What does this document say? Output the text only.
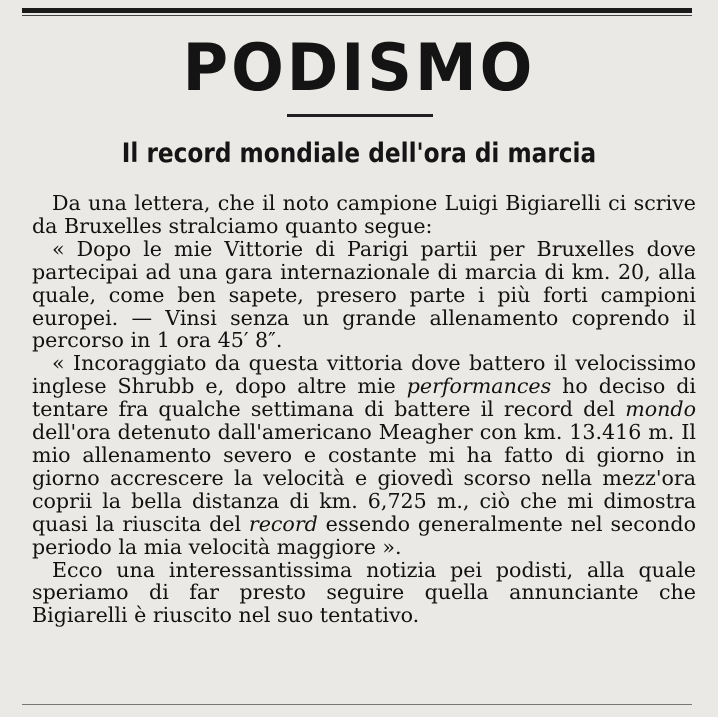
PODISMO
Il record mondiale dell'ora di marcia

Da una lettera, che il noto campione Luigi Bigiarelli ci scrive da Bruxelles stralciamo quanto segue:

« Dopo le mie Vittorie di Parigi partii per Bruxelles dove partecipai ad una gara internazionale di marcia di km. 20, alla quale, come ben sapete, presero parte i più forti campioni europei. — Vinsi senza un grande allenamento coprendo il percorso in 1 ora 45′ 8″.

« Incoraggiato da questa vittoria dove battero il velocissimo inglese Shrubb e, dopo altre mie performances ho deciso di tentare fra qualche settimana di battere il record del mondo dell'ora detenuto dall'americano Meagher con km. 13.416 m. Il mio allenamento severo e costante mi ha fatto di giorno in giorno accrescere la velocità e giovedì scorso nella mezz'ora coprii la bella distanza di km. 6,725 m., ciò che mi dimostra quasi la riuscita del record essendo generalmente nel secondo periodo la mia velocità maggiore ».

Ecco una interessantissima notizia pei podisti, alla quale speriamo di far presto seguire quella annunciante che Bigiarelli è riuscito nel suo tentativo.
